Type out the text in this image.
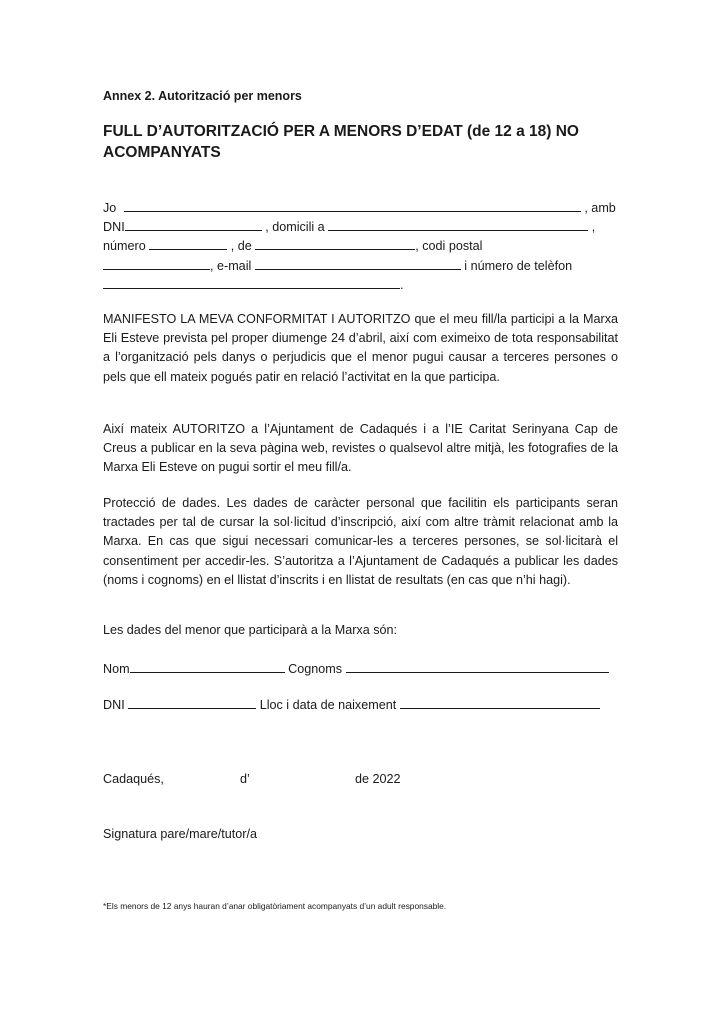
Annex 2. Autorització per menors
FULL D’AUTORITZACIÓ PER A MENORS D’EDAT (de 12 a 18) NO
ACOMPANYATS
Jo	, amb
DNI	, domicili a	,
número	, de	, codi postal
, e-mail	i número de telèfon
.
MANIFESTO LA MEVA CONFORMITAT I AUTORITZO que el meu fill/la participi a la Marxa Eli Esteve prevista pel proper diumenge 24 d’abril, així com eximeixo de tota responsabilitat a l’organització pels danys o perjudicis que el menor pugui causar a terceres persones o pels que ell mateix pogués patir en relació l’activitat en la que participa.
Així mateix AUTORITZO a l’Ajuntament de Cadaqués i a l’IE Caritat Serinyana Cap de Creus a publicar en la seva pàgina web, revistes o qualsevol altre mitjà, les fotografies de la Marxa Eli Esteve on pugui sortir el meu fill/a.
Protecció de dades. Les dades de caràcter personal que facilitin els participants seran tractades per tal de cursar la sol·licitud d’inscripció, així com altre tràmit relacionat amb la Marxa. En cas que sigui necessari comunicar-les a terceres persones, se sol·licitarà el consentiment per accedir-les. S’autoritza a l’Ajuntament de Cadaqués a publicar les dades (noms i cognoms) en el llistat d’inscrits i en llistat de resultats (en cas que n’hi hagi).
Les dades del menor que participarà a la Marxa són:
Nom	Cognoms
DNI	Lloc i data de naixement
Cadaqués,	d’	de 2022
Signatura pare/mare/tutor/a
*Els menors de 12 anys hauran d’anar obligatòriament acompanyats d’un adult responsable.
